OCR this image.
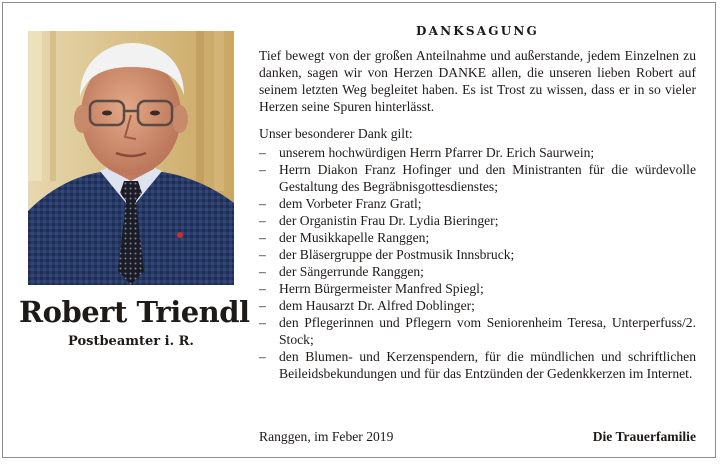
Robert Triendl
Postbeamter i. R.
DANKSAGUNG

Tief bewegt von der großen Anteilnahme und außerstande, jedem Einzelnen zu danken, sagen wir von Herzen DANKE allen, die unseren lieben Robert auf seinem letzten Weg begleitet haben. Es ist Trost zu wissen, dass er in so vieler Herzen seine Spuren hinterlässt.

Unser besonderer Dank gilt:

– unserem hochwürdigen Herrn Pfarrer Dr. Erich Saurwein;
– Herrn Diakon Franz Hofinger und den Ministranten für die würdevolle Gestaltung des Begräbnisgottesdienstes;
– dem Vorbeter Franz Gratl;
– der Organistin Frau Dr. Lydia Bieringer;
– der Musikkapelle Ranggen;
– der Bläsergruppe der Postmusik Innsbruck;
– der Sängerrunde Ranggen;
– Herrn Bürgermeister Manfred Spiegl;
– dem Hausarzt Dr. Alfred Doblinger;
– den Pflegerinnen und Pflegern vom Seniorenheim Teresa, Unterperfuss/2. Stock;
– den Blumen- und Kerzenspendern, für die mündlichen und schriftlichen Beileidsbekundungen und für das Entzünden der Gedenkkerzen im Internet.
Ranggen, im Feber 2019	Die Trauerfamilie
